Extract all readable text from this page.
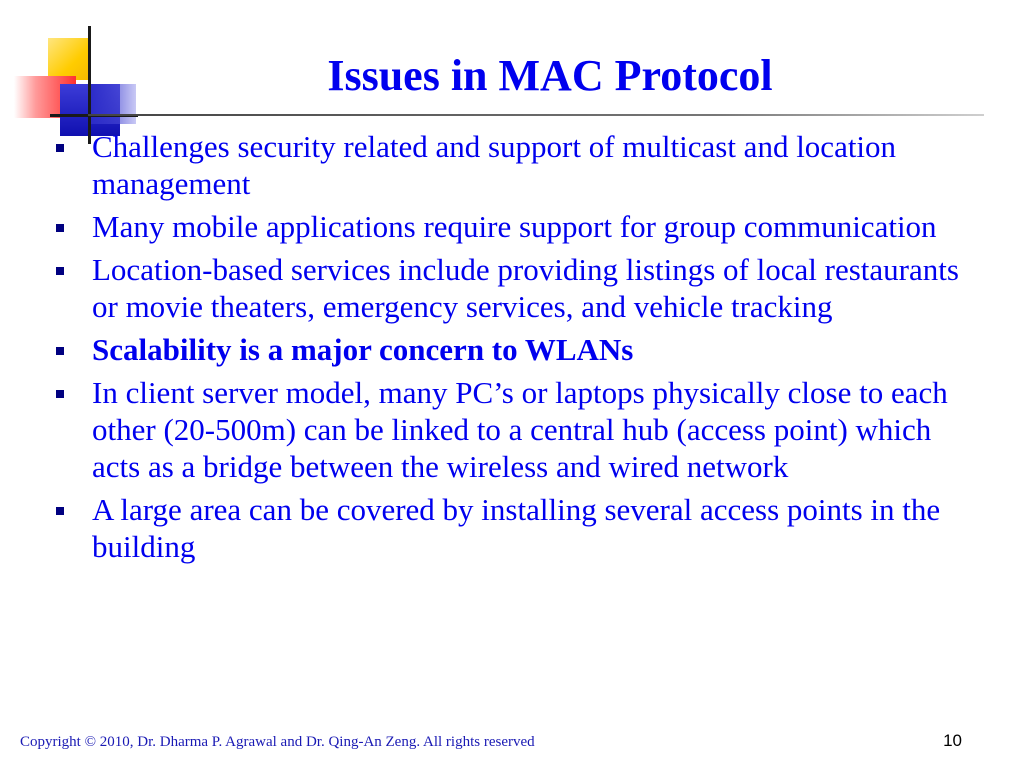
Issues in MAC Protocol
Challenges security related and support of multicast and location management
Many mobile applications require support for group communication
Location-based services include providing listings of local restaurants or movie theaters, emergency services, and vehicle tracking
Scalability is a major concern to WLANs
In client server model, many PC’s or laptops physically close to each other (20-500m) can be linked to a central hub (access point) which acts as a bridge between the wireless and wired network
A large area can be covered by installing several access points in the building
Copyright © 2010, Dr. Dharma P. Agrawal and Dr. Qing-An Zeng. All rights reserved	10
